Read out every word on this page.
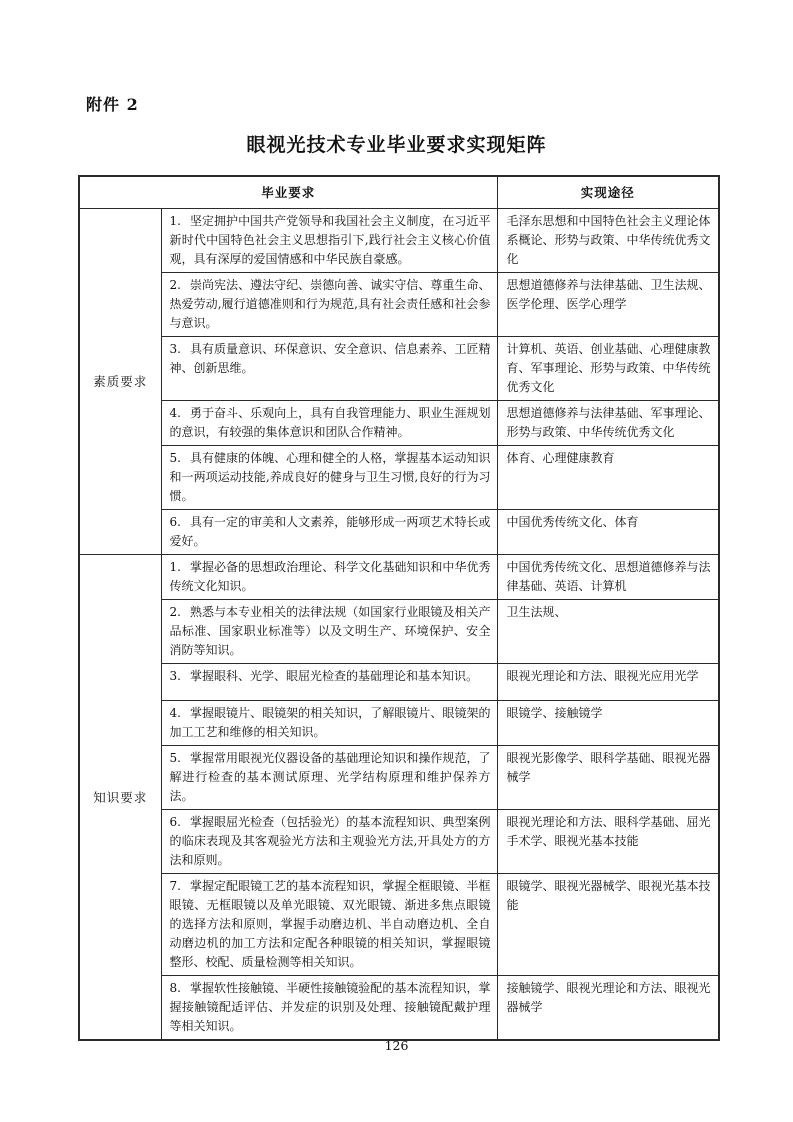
附件 2
眼视光技术专业毕业要求实现矩阵
毕业要求		实现途径
素质要求	1. 坚定拥护中国共产党领导和我国社会主义制度，在习近平新时代中国特色社会主义思想指引下,践行社会主义核心价值观，具有深厚的爱国情感和中华民族自豪感。	毛泽东思想和中国特色社会主义理论体系概论、形势与政策、中华传统优秀文化
	2. 崇尚宪法、遵法守纪、崇德向善、诚实守信、尊重生命、热爱劳动,履行道德准则和行为规范,具有社会责任感和社会参与意识。	思想道德修养与法律基础、卫生法规、医学伦理、医学心理学
	3. 具有质量意识、环保意识、安全意识、信息素养、工匠精神、创新思维。	计算机、英语、创业基础、心理健康教育、军事理论、形势与政策、中华传统优秀文化
	4. 勇于奋斗、乐观向上，具有自我管理能力、职业生涯规划的意识，有较强的集体意识和团队合作精神。	思想道德修养与法律基础、军事理论、形势与政策、中华传统优秀文化
	5. 具有健康的体魄、心理和健全的人格，掌握基本运动知识和一两项运动技能,养成良好的健身与卫生习惯,良好的行为习惯。	体育、心理健康教育
	6. 具有一定的审美和人文素养，能够形成一两项艺术特长或爱好。	中国优秀传统文化、体育
知识要求	1. 掌握必备的思想政治理论、科学文化基础知识和中华优秀传统文化知识。	中国优秀传统文化、思想道德修养与法律基础、英语、计算机
	2. 熟悉与本专业相关的法律法规（如国家行业眼镜及相关产品标准、国家职业标准等）以及文明生产、环境保护、安全消防等知识。	卫生法规、
	3. 掌握眼科、光学、眼屈光检查的基础理论和基本知识。	眼视光理论和方法、眼视光应用光学
	4. 掌握眼镜片、眼镜架的相关知识，了解眼镜片、眼镜架的加工工艺和维修的相关知识。	眼镜学、接触镜学
	5. 掌握常用眼视光仪器设备的基础理论知识和操作规范，了解进行检查的基本测试原理、光学结构原理和维护保养方法。	眼视光影像学、眼科学基础、眼视光器械学
	6. 掌握眼屈光检查（包括验光）的基本流程知识、典型案例的临床表现及其客观验光方法和主观验光方法,开具处方的方法和原则。	眼视光理论和方法、眼科学基础、屈光手术学、眼视光基本技能
	7. 掌握定配眼镜工艺的基本流程知识，掌握全框眼镜、半框眼镜、无框眼镜以及单光眼镜、双光眼镜、渐进多焦点眼镜的选择方法和原则，掌握手动磨边机、半自动磨边机、全自动磨边机的加工方法和定配各种眼镜的相关知识，掌握眼镜整形、校配、质量检测等相关知识。	眼镜学、眼视光器械学、眼视光基本技能
	8. 掌握软性接触镜、半硬性接触镜验配的基本流程知识，掌握接触镜配适评估、并发症的识别及处理、接触镜配戴护理等相关知识。	接触镜学、眼视光理论和方法、眼视光器械学
126
